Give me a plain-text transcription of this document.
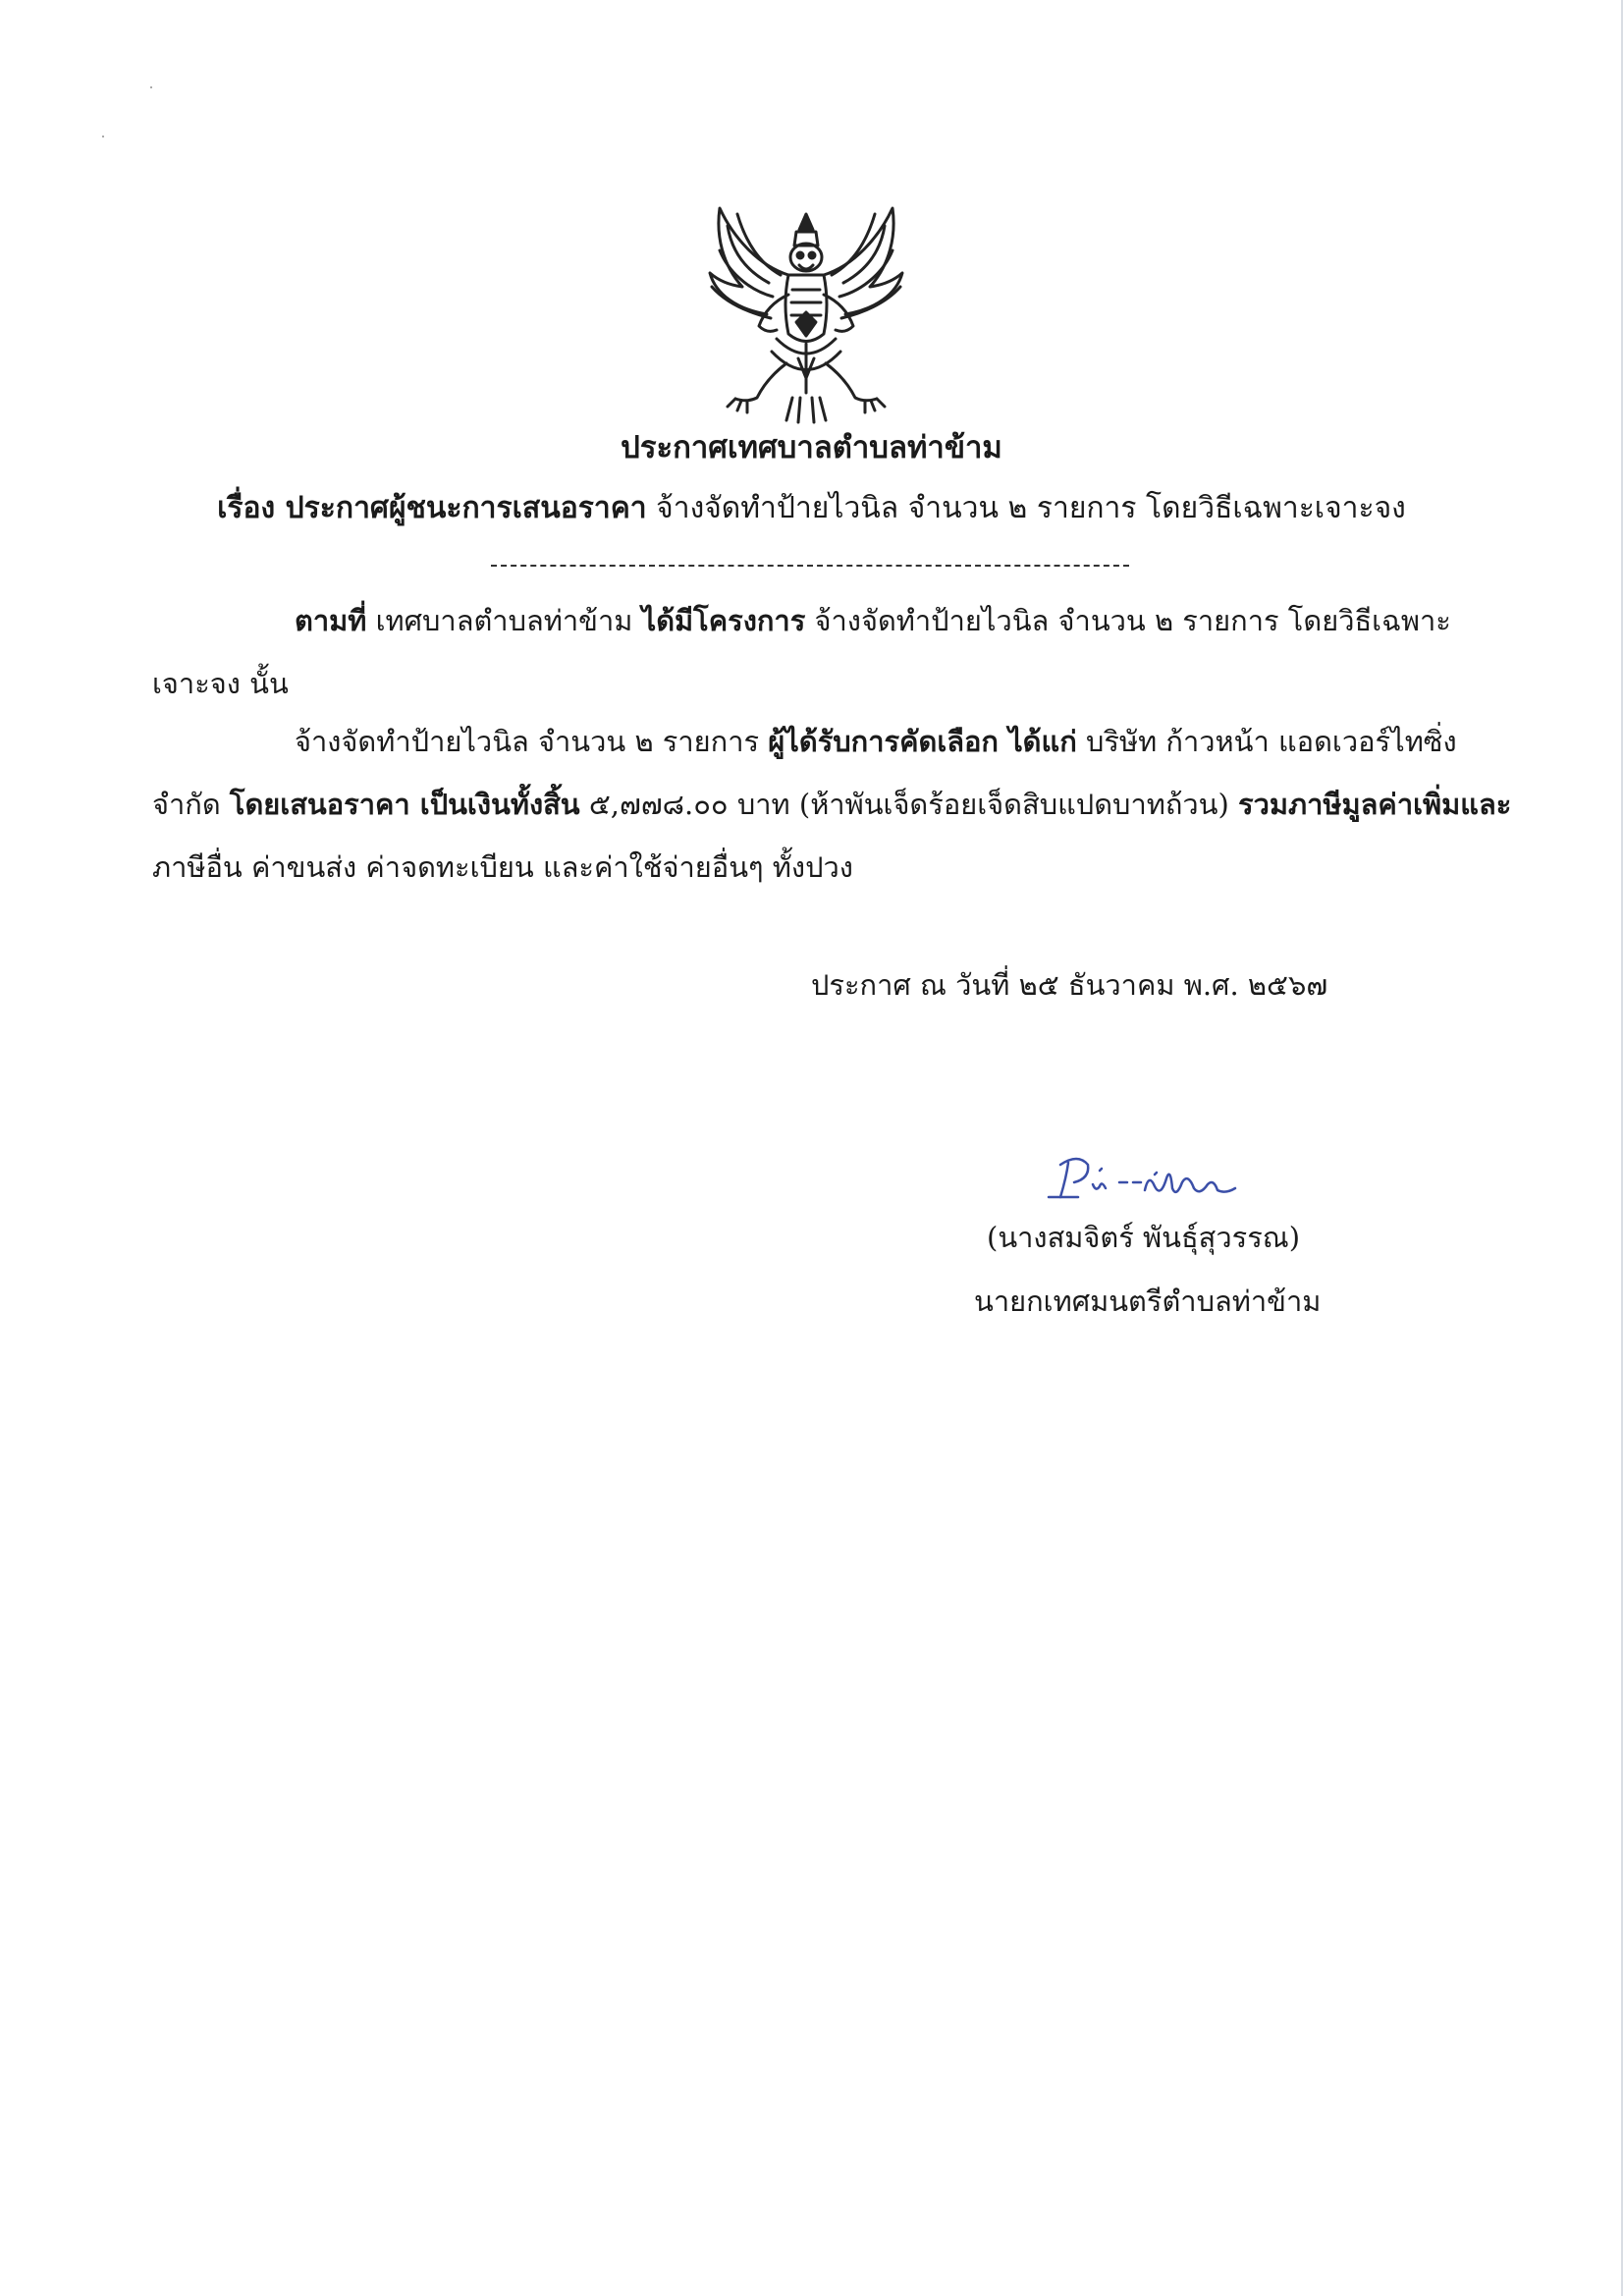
ประกาศเทศบาลตำบลท่าข้าม
เรื่อง ประกาศผู้ชนะการเสนอราคา จ้างจัดทำป้ายไวนิล จำนวน ๒ รายการ โดยวิธีเฉพาะเจาะจง
ตามที่ เทศบาลตำบลท่าข้าม ได้มีโครงการ จ้างจัดทำป้ายไวนิล จำนวน ๒ รายการ โดยวิธีเฉพาะ
เจาะจง นั้น
จ้างจัดทำป้ายไวนิล จำนวน ๒ รายการ ผู้ได้รับการคัดเลือก ได้แก่ บริษัท ก้าวหน้า แอดเวอร์ไทซิ่ง
จำกัด โดยเสนอราคา เป็นเงินทั้งสิ้น ๕,๗๗๘.๐๐ บาท (ห้าพันเจ็ดร้อยเจ็ดสิบแปดบาทถ้วน) รวมภาษีมูลค่าเพิ่มและ
ภาษีอื่น ค่าขนส่ง ค่าจดทะเบียน และค่าใช้จ่ายอื่นๆ ทั้งปวง
ประกาศ ณ วันที่ ๒๕ ธันวาคม พ.ศ. ๒๕๖๗
(นางสมจิตร์ พันธุ์สุวรรณ)
นายกเทศมนตรีตำบลท่าข้าม
